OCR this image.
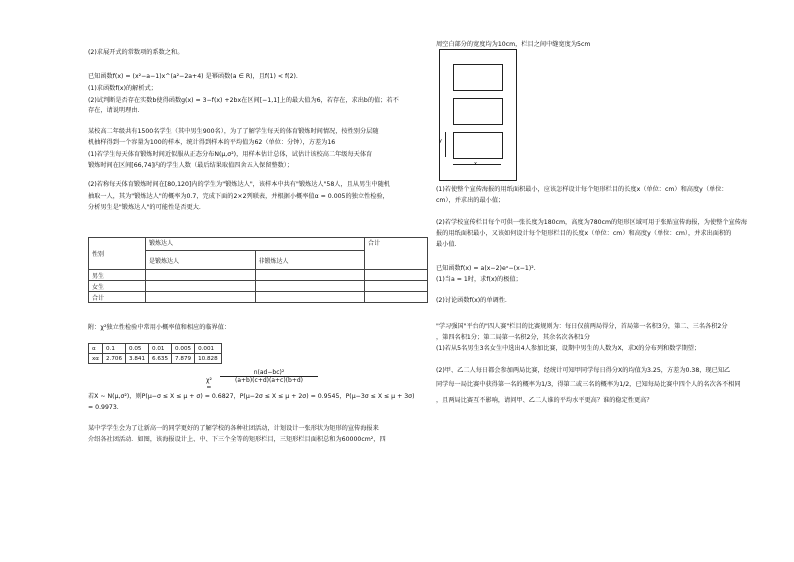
(2)求展开式的常数项的系数之和。
已知函数f(x) = (x²−a−1)x^(a²−2a+4) 是幂函数(a ∈ R)，且f(1) < f(2).
(1)求函数f(x)的解析式；
(2)试判断是否存在实数b使得函数g(x) = 3−f(x) +2bx在区间[−1,1]上的最大值为6，若存在，求出b的值；若不
存在，请说明理由.
某校高二年级共有1500名学生（其中男生900名），为了了解学生每天的体育锻炼时间情况，按性别分层随
机抽样得到一个容量为100的样本，统计得到样本的平均值为62（单位：分钟），方差为16
(1)若学生每天体育锻炼时间近似服从正态分布N(μ,σ²)，用样本估计总体，试估计该校高二年级每天体育
锻炼时间在区间[66,74]内的学生人数（最后结果取值四舍五入保留整数）；
(2)若称每天体育锻炼时间在[80,120]内的学生为"锻炼达人"，该样本中共有"锻炼达人"58人，且从男生中随机
抽取一人，其为"锻炼达人"的概率为0.7，完成下面的2×2列联表，并根据小概率值α = 0.005的独立性检验，
分析男生是"锻炼达人"的可能性是否更大.
性别	锻炼达人		合计
	是锻炼达人	非锻炼达人	
男生			
女生			
合计			
附：χ²独立性检验中常用小概率值和相应的临界值：
α	0.1	0.05	0.01	0.005	0.001
xα	2.706	3.841	6.635	7.879	10.828
χ² =
$\frac{\text{n(ad−bc)²}}{(a+b)(c+d)(a+c)(b+d)}$
若X ~ N(μ,σ²)，则P(μ−σ ≤ X ≤ μ + σ) = 0.6827，P(μ−2σ ≤ X ≤ μ + 2σ) = 0.9545，P(μ−3σ ≤ X ≤ μ + 3σ)
= 0.9973.
某中学学生会为了让新高一的同学更好的了解学校的各种社团活动，计划设计一张形状为矩形的宣传海报来
介绍各社团活动．如图，该海报设计上、中、下三个全等的矩形栏目，三矩形栏目面积总和为60000cm²，四
周空白部分的宽度均为10cm，栏目之间中缝宽度为5cm
y
x
(1)若使整个宣传海报的用纸面积最小，应该怎样设计每个矩形栏目的长度x（单位：cm）和高度y（单位：
cm），并求出的最小值；
(2)若学校宣传栏目每个可供一张长度为180cm，高度为780cm的矩形区域可用于张贴宣传海报，为使整个宣传海
报的用纸面积最小，又该如何设计每个矩形栏目的长度x（单位：cm）和高度y（单位：cm），并求出面积的
最小值.
已知函数f(x) = a(x−2)eˣ−(x−1)².
(1)当a = 1时，求f(x)的极值；
(2)讨论函数f(x)的单调性.
"学习强国"平台的"四人赛"栏目的比赛规则为：每日仅前两局得分，首局第一名积3分，第二、三名各积2分
，第四名积1分；第二局第一名积2分，其余名次各积1分
(1)若从5名男生3名女生中选出4人参加比赛，设期中男生的人数为X，求X的分布列和数学期望；
(2)甲、乙二人每日都会参加两局比赛，经统计可知甲同学每日得分X的均值为3.25，方差为0.38，现已知乙
同学每一局比赛中获得第一名的概率为1/3，得第二或三名的概率为1/2，已知每局比赛中四个人的名次各不相同
，且两局比赛互不影响，请问甲、乙二人谁的平均水平更高？谁的稳定性更高？
